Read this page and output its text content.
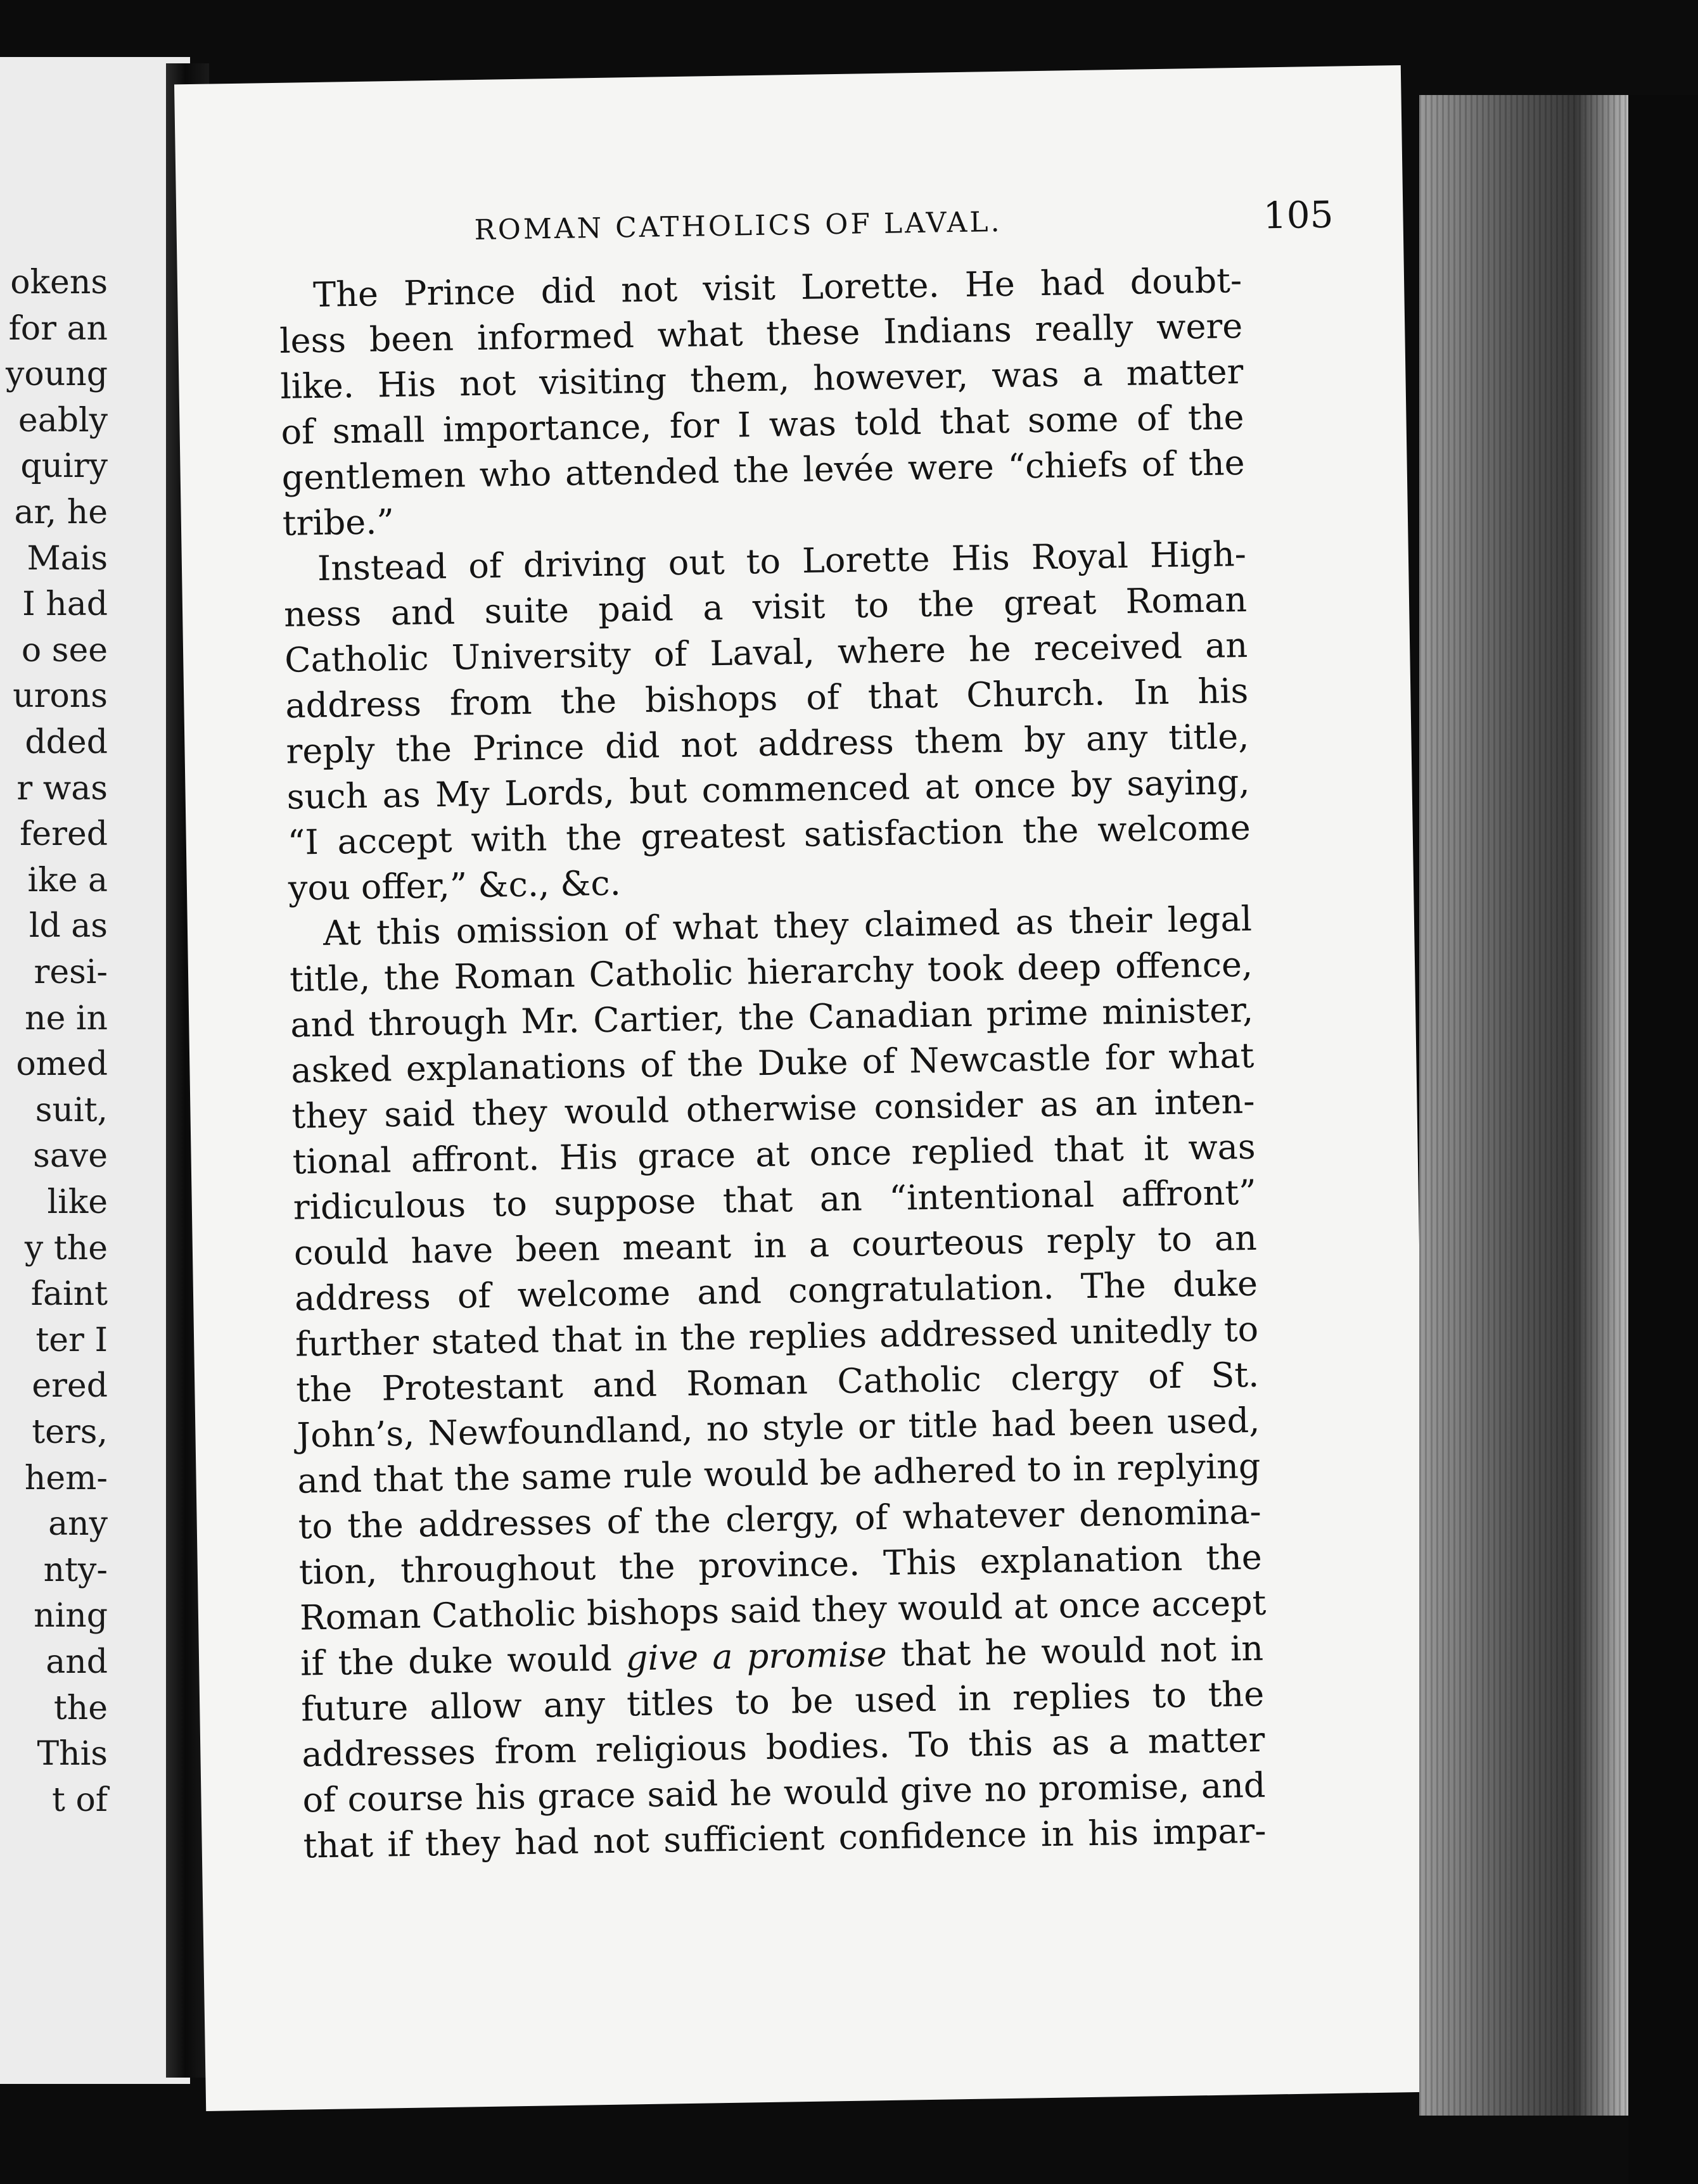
okens
for an
young
eably
quiry
ar, he
Mais
I had
o see
urons
dded
r was
fered
ike a
ld as
resi-
ne in
omed
suit,
save
like
y the
faint
ter I
ered
ters,
hem-
any
nty-
ning
and
the
This
t of
ROMAN CATHOLICS OF LAVAL.	105
The Prince did not visit Lorette. He had doubt-
less been informed what these Indians really were
like. His not visiting them, however, was a matter
of small importance, for I was told that some of the
gentlemen who attended the levée were “chiefs of the
tribe.”
Instead of driving out to Lorette His Royal High-
ness and suite paid a visit to the great Roman
Catholic University of Laval, where he received an
address from the bishops of that Church. In his
reply the Prince did not address them by any title,
such as My Lords, but commenced at once by saying,
“I accept with the greatest satisfaction the welcome
you offer,” &c., &c.
At this omission of what they claimed as their legal
title, the Roman Catholic hierarchy took deep offence,
and through Mr. Cartier, the Canadian prime minister,
asked explanations of the Duke of Newcastle for what
they said they would otherwise consider as an inten-
tional affront. His grace at once replied that it was
ridiculous to suppose that an “intentional affront”
could have been meant in a courteous reply to an
address of welcome and congratulation. The duke
further stated that in the replies addressed unitedly to
the Protestant and Roman Catholic clergy of St.
John’s, Newfoundland, no style or title had been used,
and that the same rule would be adhered to in replying
to the addresses of the clergy, of whatever denomina-
tion, throughout the province. This explanation the
Roman Catholic bishops said they would at once accept
if the duke would give a promise that he would not in
future allow any titles to be used in replies to the
addresses from religious bodies. To this as a matter
of course his grace said he would give no promise, and
that if they had not sufficient confidence in his impar-
